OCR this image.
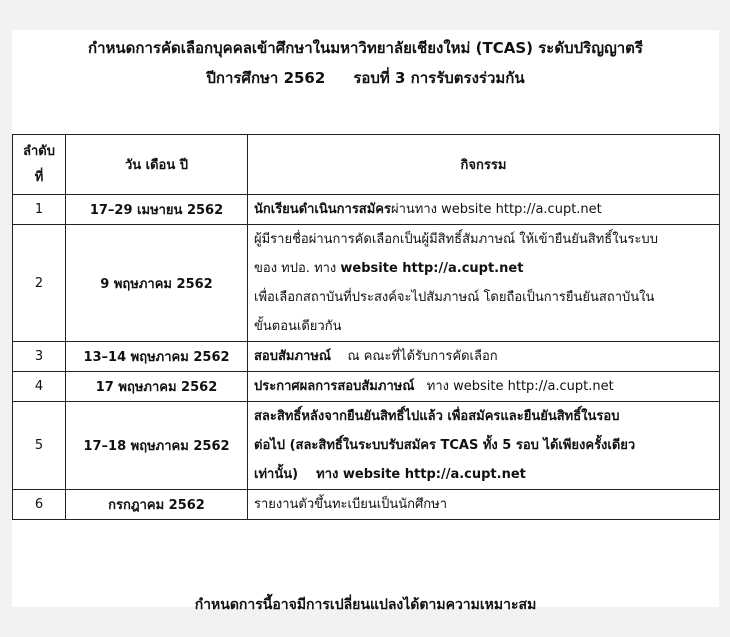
กำหนดการคัดเลือกบุคคลเข้าศึกษาในมหาวิทยาลัยเชียงใหม่ (TCAS) ระดับปริญญาตรี
ปีการศึกษา 2562 รอบที่ 3 การรับตรงร่วมกัน
ลำดับ
ที่	วัน เดือน ปี	กิจกรรม
1	17–29 เมษายน 2562	นักเรียนดำเนินการสมัครผ่านทาง website http://a.cupt.net
2	9 พฤษภาคม 2562	ผู้มีรายชื่อผ่านการคัดเลือกเป็นผู้มีสิทธิ์สัมภาษณ์ ให้เข้ายืนยันสิทธิ์ในระบบ
ของ ทปอ. ทาง website http://a.cupt.net
เพื่อเลือกสถาบันที่ประสงค์จะไปสัมภาษณ์ โดยถือเป็นการยืนยันสถาบันใน
ขั้นตอนเดียวกัน
3	13–14 พฤษภาคม 2562	สอบสัมภาษณ์    ณ คณะที่ได้รับการคัดเลือก
4	17 พฤษภาคม 2562	ประกาศผลการสอบสัมภาษณ์   ทาง website http://a.cupt.net
5	17–18 พฤษภาคม 2562	สละสิทธิ์หลังจากยืนยันสิทธิ์ไปแล้ว เพื่อสมัครและยืนยันสิทธิ์ในรอบ
ต่อไป (สละสิทธิ์ในระบบรับสมัคร TCAS ทั้ง 5 รอบ ได้เพียงครั้งเดียว
เท่านั้น)    ทาง website http://a.cupt.net
6	กรกฎาคม 2562	รายงานตัวขึ้นทะเบียนเป็นนักศึกษา
กำหนดการนี้อาจมีการเปลี่ยนแปลงได้ตามความเหมาะสม
